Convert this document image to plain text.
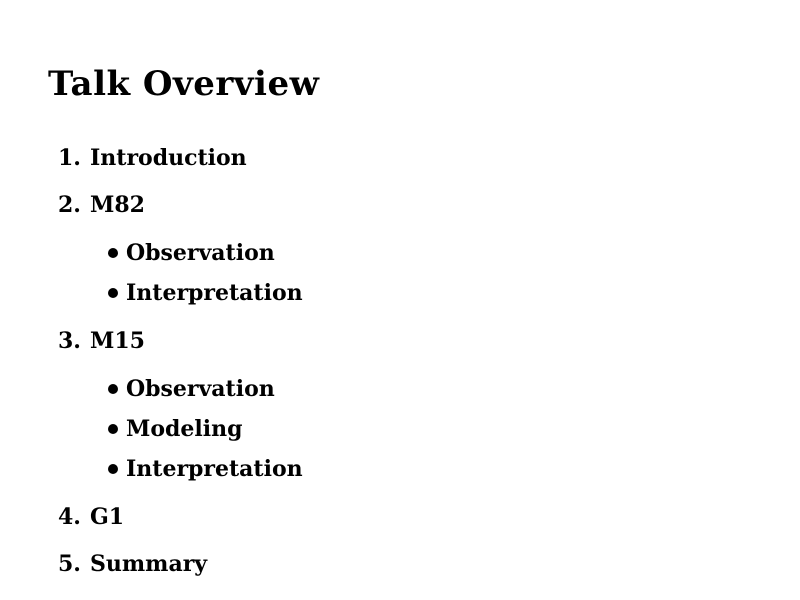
Talk Overview
1. Introduction
2. M82
Observation
Interpretation
3. M15
Observation
Modeling
Interpretation
4. G1
5. Summary
